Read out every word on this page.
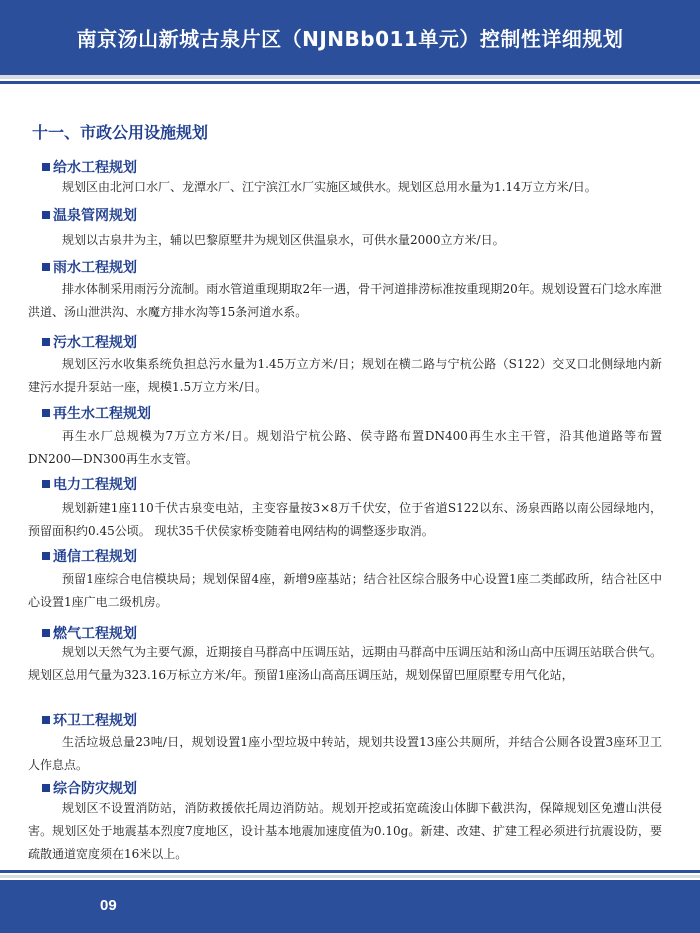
南京汤山新城古泉片区（NJNBb011单元）控制性详细规划
十一、市政公用设施规划
给水工程规划
规划区由北河口水厂、龙潭水厂、江宁滨江水厂实施区域供水。规划区总用水量为1.14万立方米/日。
温泉管网规划
规划以古泉井为主，辅以巴黎原墅井为规划区供温泉水，可供水量2000立方米/日。
雨水工程规划
排水体制采用雨污分流制。雨水管道重现期取2年一遇，骨干河道排涝标准按重现期20年。规划设置石门埝水库泄洪道、汤山泄洪沟、水魔方排水沟等15条河道水系。
污水工程规划
规划区污水收集系统负担总污水量为1.45万立方米/日；规划在横二路与宁杭公路（S122）交叉口北侧绿地内新建污水提升泵站一座，规模1.5万立方米/日。
再生水工程规划
再生水厂总规模为7万立方米/日。规划沿宁杭公路、侯寺路布置DN400再生水主干管，沿其他道路等布置DN200—DN300再生水支管。
电力工程规划
规划新建1座110千伏古泉变电站，主变容量按3×8万千伏安，位于省道S122以东、汤泉西路以南公园绿地内，预留面积约0.45公顷。 现状35千伏侯家桥变随着电网结构的调整逐步取消。
通信工程规划
预留1座综合电信模块局；规划保留4座，新增9座基站；结合社区综合服务中心设置1座二类邮政所，结合社区中心设置1座广电二级机房。
燃气工程规划
规划以天然气为主要气源，近期接自马群高中压调压站，远期由马群高中压调压站和汤山高中压调压站联合供气。规划区总用气量为323.16万标立方米/年。预留1座汤山高高压调压站，规划保留巴厘原墅专用气化站，
环卫工程规划
生活垃圾总量23吨/日，规划设置1座小型垃圾中转站，规划共设置13座公共厕所，并结合公厕各设置3座环卫工人作息点。
综合防灾规划
规划区不设置消防站，消防救援依托周边消防站。规划开挖或拓宽疏浚山体脚下截洪沟，保障规划区免遭山洪侵害。规划区处于地震基本烈度7度地区，设计基本地震加速度值为0.10g。新建、改建、扩建工程必须进行抗震设防，要疏散通道宽度须在16米以上。
09
